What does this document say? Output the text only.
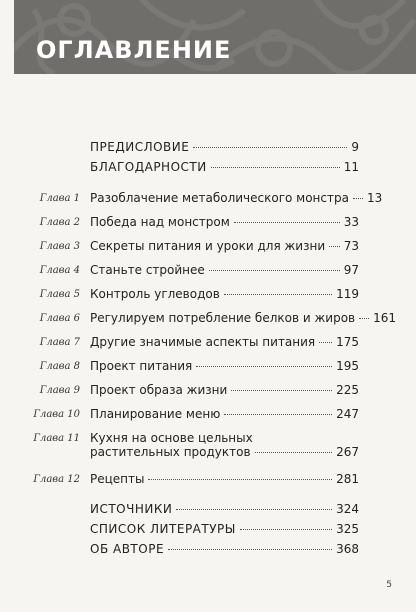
ОГЛАВЛЕНИЕ
ПРЕДИСЛОВИЕ	9
БЛАГОДАРНОСТИ	11
Глава 1 Разоблачение метаболического монстра 13
Глава 2 Победа над монстром	33
Глава 3 Секреты питания и уроки для жизни 73
Глава 4 Станьте стройнее	97
Глава 5 Контроль углеводов	119
Глава 6 Регулируем потребление белков и жиров 161
Глава 7 Другие значимые аспекты питания 175
Глава 8 Проект питания	195
Глава 9 Проект образа жизни	225
Глава 10 Планирование меню	247
Глава 11 Кухня на основе цельных
растительных продуктов	267
Глава 12 Рецепты	281
ИСТОЧНИКИ	324
СПИСОК ЛИТЕРАТУРЫ	325
ОБ АВТОРЕ	368
5
